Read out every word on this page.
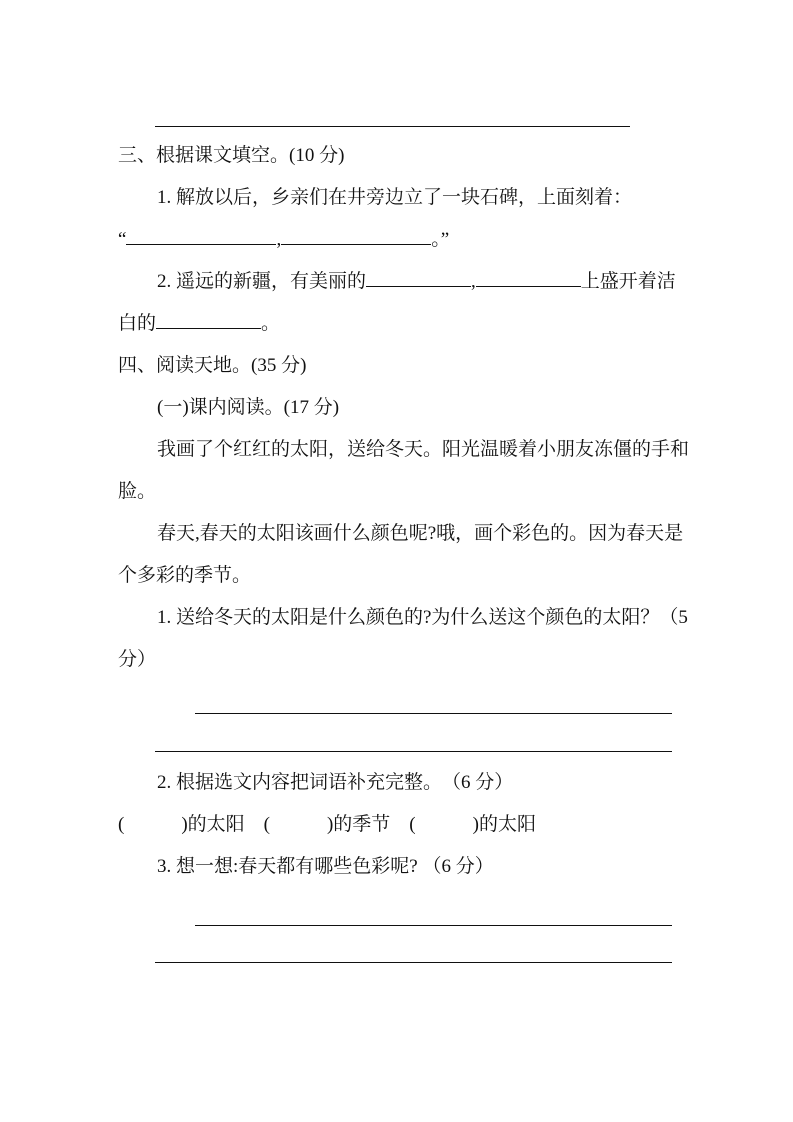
三、根据课文填空。(10 分)
1. 解放以后，乡亲们在井旁边立了一块石碑，上面刻着：
“	,	。”
2. 遥远的新疆，有美丽的	,	上盛开着洁
白的	。
四、阅读天地。(35 分)
(一)课内阅读。(17 分)
我画了个红红的太阳，送给冬天。阳光温暖着小朋友冻僵的手和
脸。
春天,春天的太阳该画什么颜色呢?哦，画个彩色的。因为春天是
个多彩的季节。
1. 送给冬天的太阳是什么颜色的?为什么送这个颜色的太阳？（5
分）
2. 根据选文内容把词语补充完整。　（6 分）
(　　　)的太阳　(　　　)的季节　(　　　)的太阳
3. 想一想:春天都有哪些色彩呢? （6 分）
